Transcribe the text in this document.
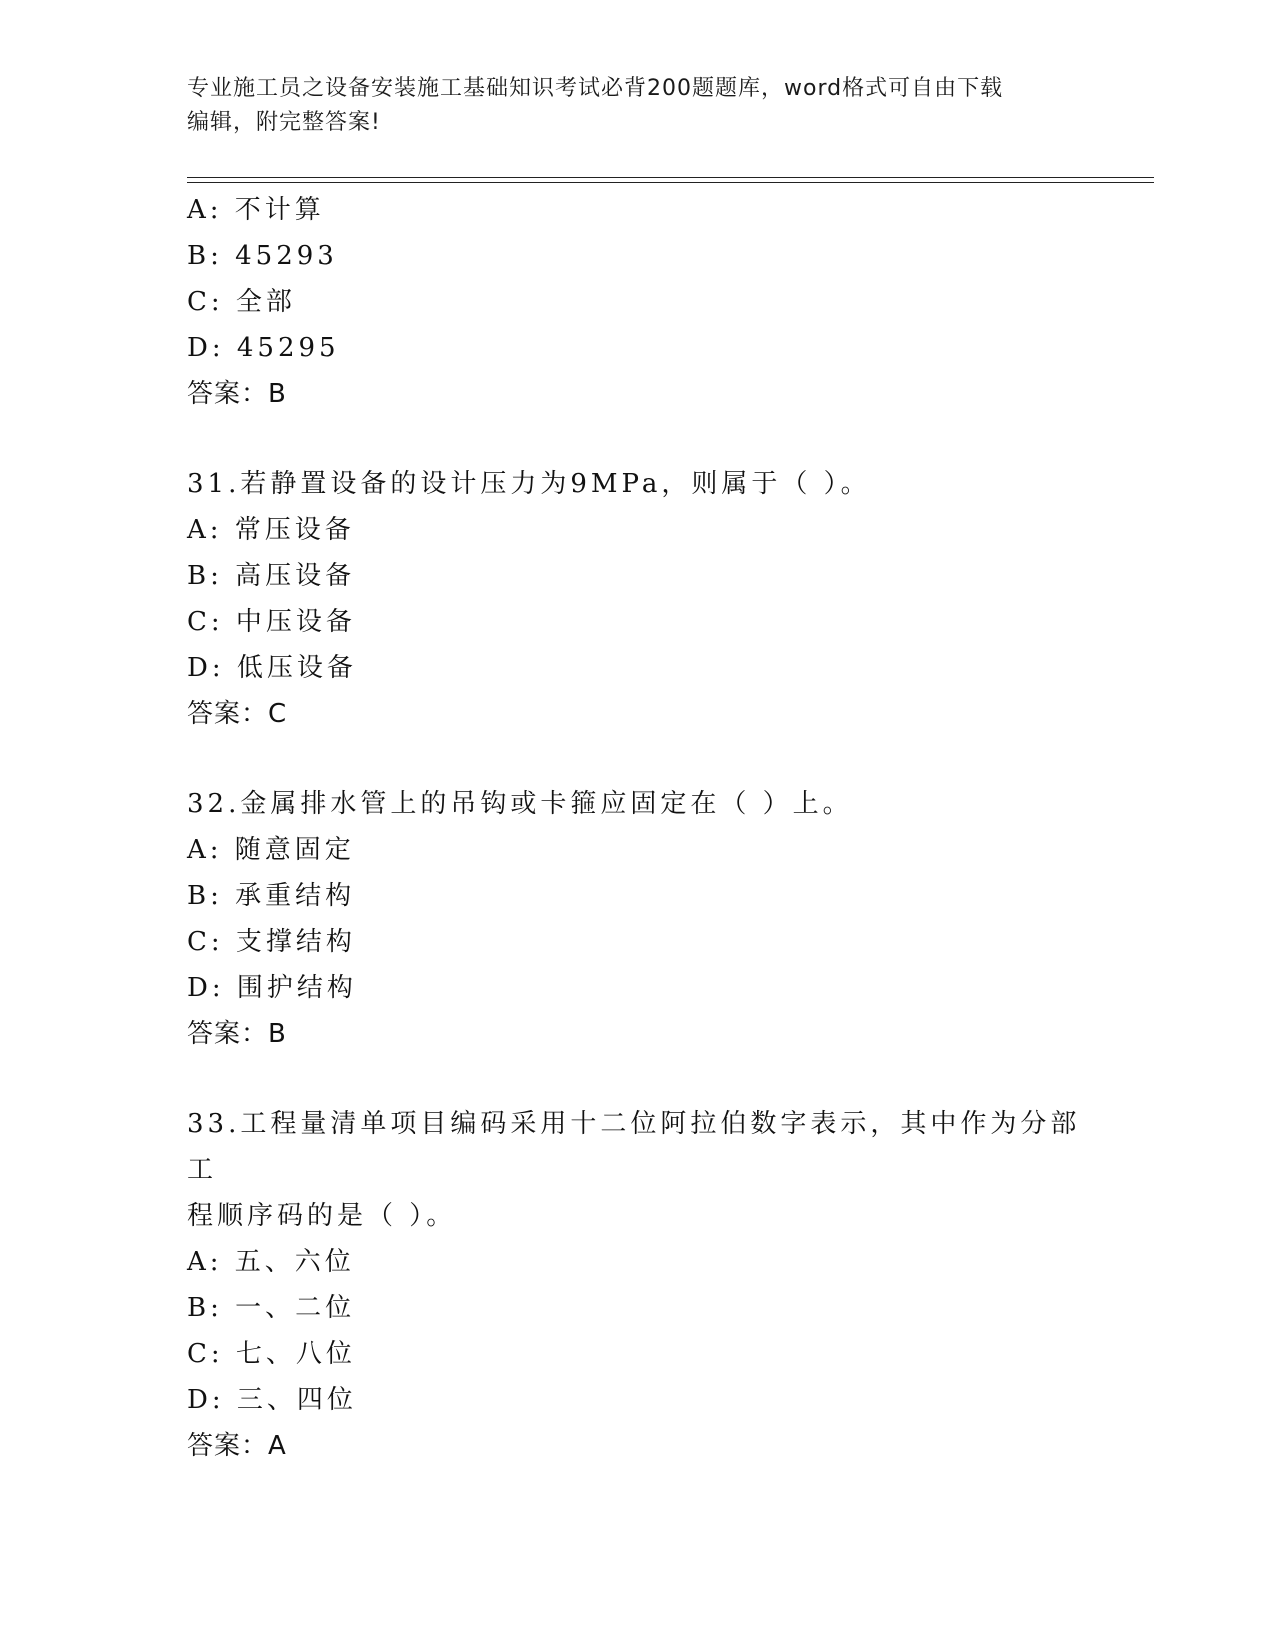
专业施工员之设备安装施工基础知识考试必背200题题库，word格式可自由下载
编辑，附完整答案!
A: 不计算
B: 45293
C: 全部
D: 45295
答案：B
31.若静置设备的设计压力为9MPa，则属于（ ）。
A: 常压设备
B: 高压设备
C: 中压设备
D: 低压设备
答案：C
32.金属排水管上的吊钩或卡箍应固定在（ ）上。
A: 随意固定
B: 承重结构
C: 支撑结构
D: 围护结构
答案：B
33.工程量清单项目编码采用十二位阿拉伯数字表示，其中作为分部工
程顺序码的是（ ）。
A: 五、六位
B: 一、二位
C: 七、八位
D: 三、四位
答案：A
